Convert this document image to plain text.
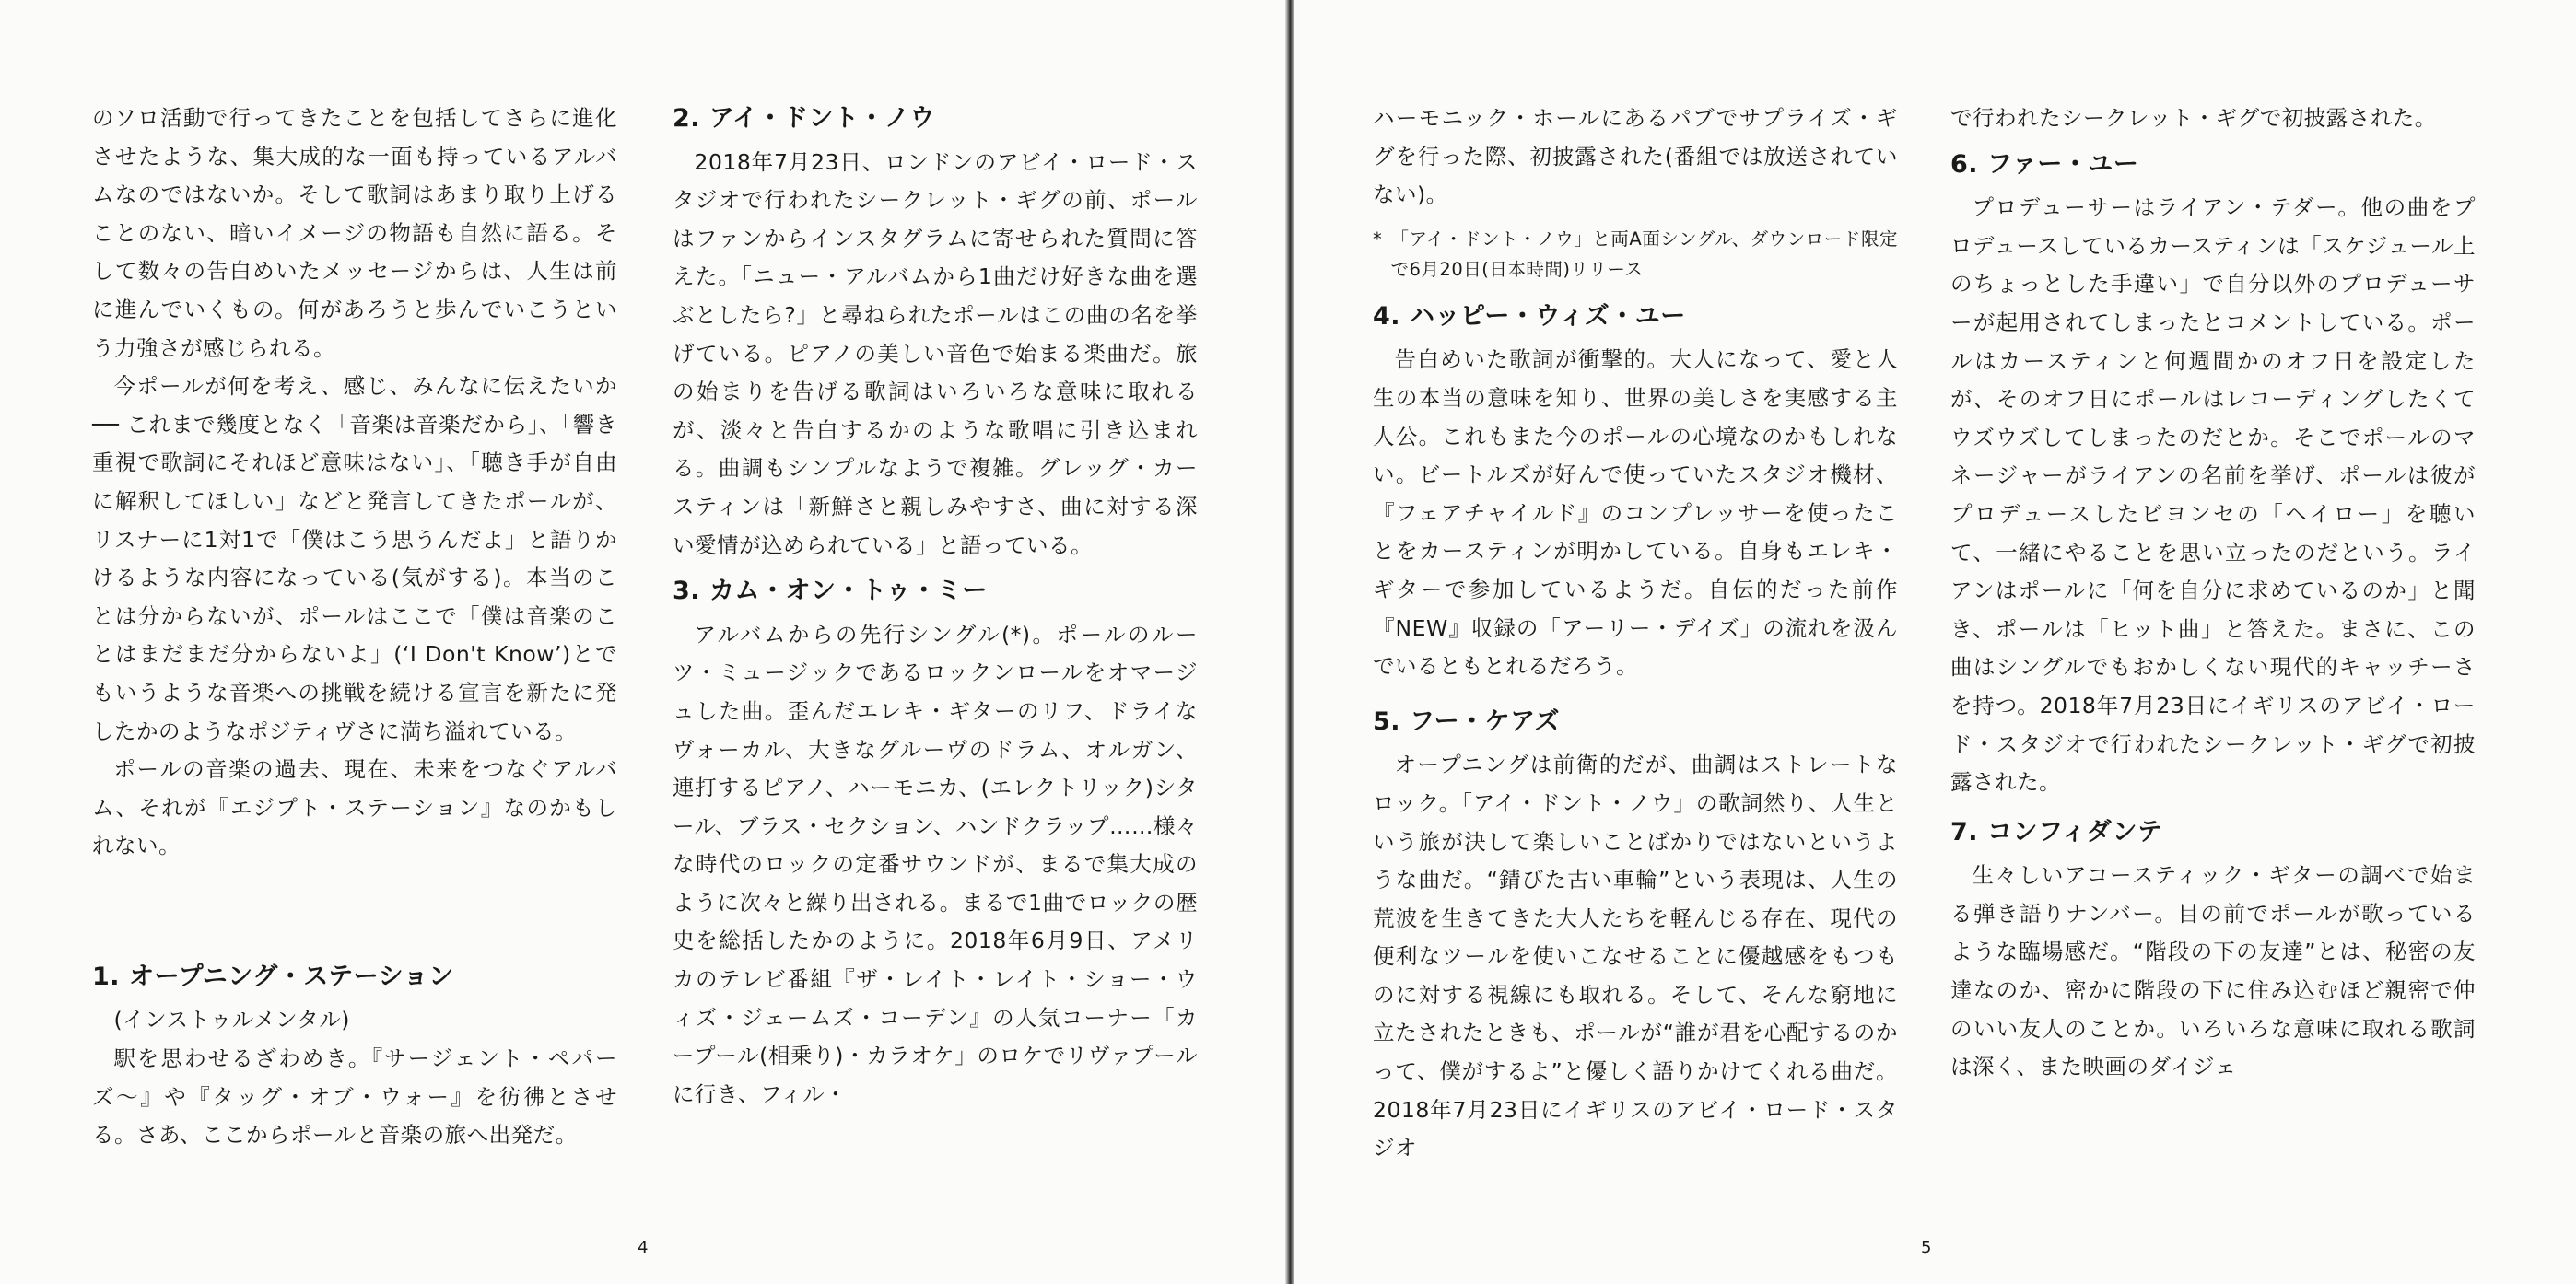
のソロ活動で行ってきたことを包括してさらに進化させたような、集大成的な一面も持っているアルバムなのではないか。そして歌詞はあまり取り上げることのない、暗いイメージの物語も自然に語る。そして数々の告白めいたメッセージからは、人生は前に進んでいくもの。何があろうと歩んでいこうという力強さが感じられる。

今ポールが何を考え、感じ、みんなに伝えたいか ── これまで幾度となく「音楽は音楽だから」、「響き重視で歌詞にそれほど意味はない」、「聴き手が自由に解釈してほしい」などと発言してきたポールが、リスナーに1対1で「僕はこう思うんだよ」と語りかけるような内容になっている(気がする)。本当のことは分からないが、ポールはここで「僕は音楽のことはまだまだ分からないよ」(‘I Don't Know’)とでもいうような音楽への挑戦を続ける宣言を新たに発したかのようなポジティヴさに満ち溢れている。

ポールの音楽の過去、現在、未来をつなぐアルバム、それが『エジプト・ステーション』なのかもしれない。

1. オープニング・ステーション

(インストゥルメンタル)

駅を思わせるざわめき。『サージェント・ペパーズ〜』や『タッグ・オブ・ウォー』を彷彿とさせる。さあ、ここからポールと音楽の旅へ出発だ。

2. アイ・ドント・ノウ

2018年7月23日、ロンドンのアビイ・ロード・スタジオで行われたシークレット・ギグの前、ポールはファンからインスタグラムに寄せられた質問に答えた。「ニュー・アルバムから1曲だけ好きな曲を選ぶとしたら?」と尋ねられたポールはこの曲の名を挙げている。ピアノの美しい音色で始まる楽曲だ。旅の始まりを告げる歌詞はいろいろな意味に取れるが、淡々と告白するかのような歌唱に引き込まれる。曲調もシンプルなようで複雑。グレッグ・カースティンは「新鮮さと親しみやすさ、曲に対する深い愛情が込められている」と語っている。

3. カム・オン・トゥ・ミー

アルバムからの先行シングル(*)。ポールのルーツ・ミュージックであるロックンロールをオマージュした曲。歪んだエレキ・ギターのリフ、ドライなヴォーカル、大きなグルーヴのドラム、オルガン、連打するピアノ、ハーモニカ、(エレクトリック)シタール、ブラス・セクション、ハンドクラップ……様々な時代のロックの定番サウンドが、まるで集大成のように次々と繰り出される。まるで1曲でロックの歴史を総括したかのように。2018年6月9日、アメリカのテレビ番組『ザ・レイト・レイト・ショー・ウィズ・ジェームズ・コーデン』の人気コーナー「カープール(相乗り)・カラオケ」のロケでリヴァプールに行き、フィル・

4

ハーモニック・ホールにあるパブでサプライズ・ギグを行った際、初披露された(番組では放送されていない)。

* 「アイ・ドント・ノウ」と両A面シングル、ダウンロード限定で6月20日(日本時間)リリース
4. ハッピー・ウィズ・ユー

告白めいた歌詞が衝撃的。大人になって、愛と人生の本当の意味を知り、世界の美しさを実感する主人公。これもまた今のポールの心境なのかもしれない。ビートルズが好んで使っていたスタジオ機材、『フェアチャイルド』のコンプレッサーを使ったことをカースティンが明かしている。自身もエレキ・ギターで参加しているようだ。自伝的だった前作『NEW』収録の「アーリー・デイズ」の流れを汲んでいるともとれるだろう。

5. フー・ケアズ

オープニングは前衛的だが、曲調はストレートなロック。「アイ・ドント・ノウ」の歌詞然り、人生という旅が決して楽しいことばかりではないというような曲だ。“錆びた古い車輪”という表現は、人生の荒波を生きてきた大人たちを軽んじる存在、現代の便利なツールを使いこなせることに優越感をもつものに対する視線にも取れる。そして、そんな窮地に立たされたときも、ポールが“誰が君を心配するのかって、僕がするよ”と優しく語りかけてくれる曲だ。2018年7月23日にイギリスのアビイ・ロード・スタジオ

で行われたシークレット・ギグで初披露された。

6. ファー・ユー

プロデューサーはライアン・テダー。他の曲をプロデュースしているカースティンは「スケジュール上のちょっとした手違い」で自分以外のプロデューサーが起用されてしまったとコメントしている。ポールはカースティンと何週間かのオフ日を設定したが、そのオフ日にポールはレコーディングしたくてウズウズしてしまったのだとか。そこでポールのマネージャーがライアンの名前を挙げ、ポールは彼がプロデュースしたビヨンセの「ヘイロー」を聴いて、一緒にやることを思い立ったのだという。ライアンはポールに「何を自分に求めているのか」と聞き、ポールは「ヒット曲」と答えた。まさに、この曲はシングルでもおかしくない現代的キャッチーさを持つ。2018年7月23日にイギリスのアビイ・ロード・スタジオで行われたシークレット・ギグで初披露された。

7. コンフィダンテ

生々しいアコースティック・ギターの調べで始まる弾き語りナンバー。目の前でポールが歌っているような臨場感だ。“階段の下の友達”とは、秘密の友達なのか、密かに階段の下に住み込むほど親密で仲のいい友人のことか。いろいろな意味に取れる歌詞は深く、また映画のダイジェ

5
